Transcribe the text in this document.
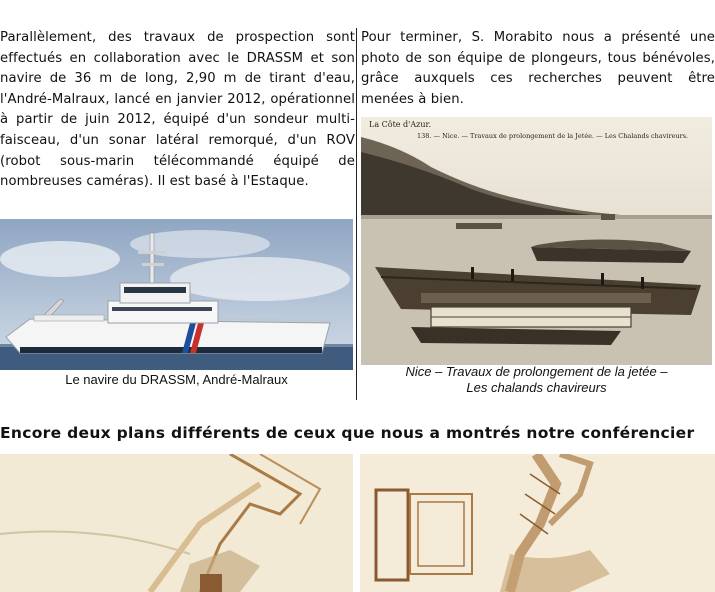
Parallèlement, des travaux de prospection sont effectués en collaboration avec le DRASSM et son navire de 36 m de long, 2,90 m de tirant d'eau, l'André-Malraux, lancé en janvier 2012, opérationnel à partir de juin 2012, équipé d'un sondeur multi-faisceau, d'un sonar latéral remorqué, d'un ROV (robot sous-marin télécommandé équipé de nombreuses caméras). Il est basé à l'Estaque.

Pour terminer, S. Morabito nous a présenté une photo de son équipe de plongeurs, tous bénévoles, grâce auxquels ces recherches peuvent être menées à bien.

Le navire du DRASSM, André-Malraux
La Côte d'Azur.
138. — Nice. — Travaux de prolongement de la Jetée. — Les Chalands chavireurs.
Nice – Travaux de prolongement de la jetée –
Les chalands chavireurs
Encore deux plans différents de ceux que nous a montrés notre conférencier
